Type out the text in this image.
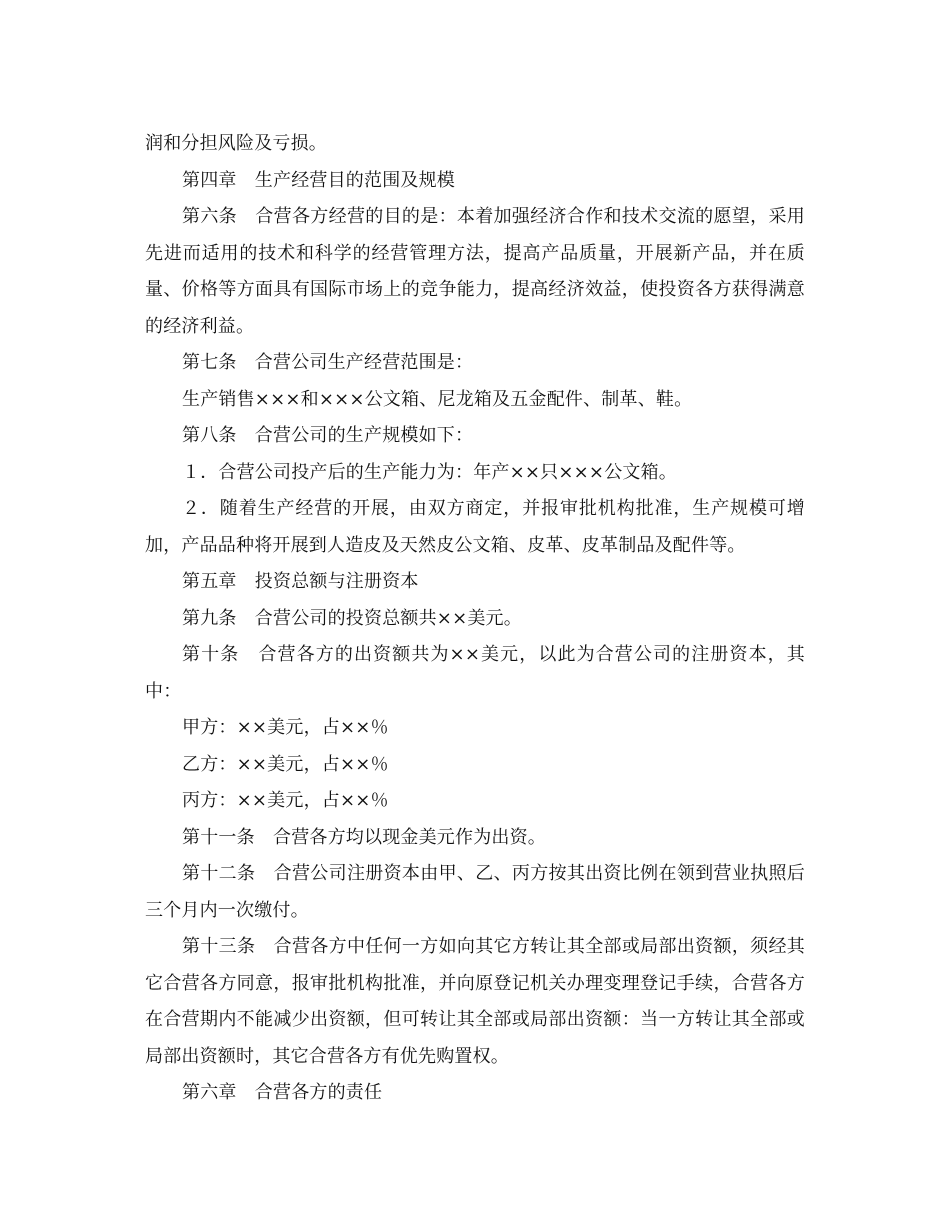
润和分担风险及亏损。

第四章　生产经营目的范围及规模

第六条　合营各方经营的目的是：本着加强经济合作和技术交流的愿望，采用先进而适用的技术和科学的经营管理方法，提高产品质量，开展新产品，并在质量、价格等方面具有国际市场上的竞争能力，提高经济效益，使投资各方获得满意的经济利益。

第七条　合营公司生产经营范围是：

生产销售×××和×××公文箱、尼龙箱及五金配件、制革、鞋。

第八条　合营公司的生产规模如下：

１．合营公司投产后的生产能力为：年产××只×××公文箱。

２．随着生产经营的开展，由双方商定，并报审批机构批准，生产规模可增加，产品品种将开展到人造皮及天然皮公文箱、皮革、皮革制品及配件等。

第五章　投资总额与注册资本

第九条　合营公司的投资总额共××美元。

第十条　合营各方的出资额共为××美元，以此为合营公司的注册资本，其中：

甲方：××美元，占××％

乙方：××美元，占××％

丙方：××美元，占××％

第十一条　合营各方均以现金美元作为出资。

第十二条　合营公司注册资本由甲、乙、丙方按其出资比例在领到营业执照后三个月内一次缴付。

第十三条　合营各方中任何一方如向其它方转让其全部或局部出资额，须经其它合营各方同意，报审批机构批准，并向原登记机关办理变理登记手续，合营各方在合营期内不能减少出资额，但可转让其全部或局部出资额：当一方转让其全部或局部出资额时，其它合营各方有优先购置权。

第六章　合营各方的责任
